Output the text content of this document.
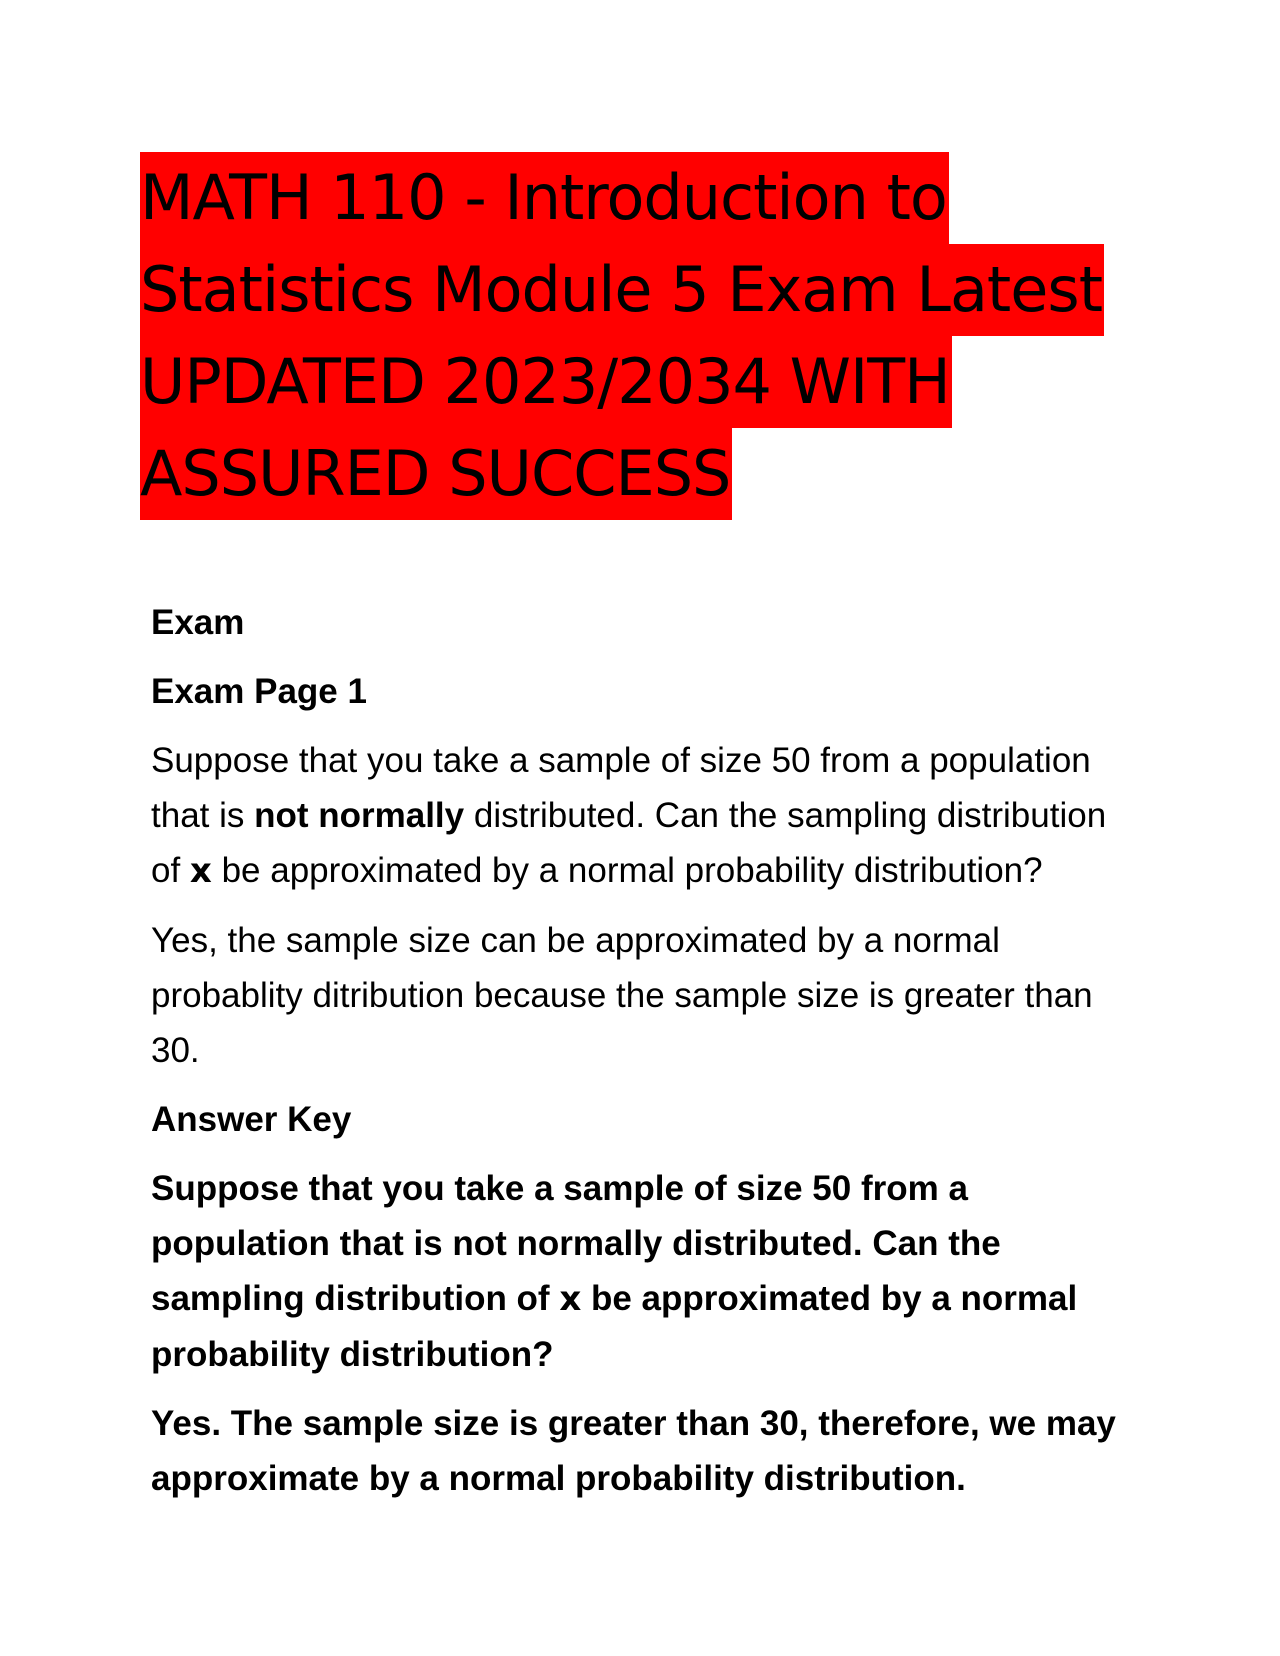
MATH 110 - Introduction to
Statistics Module 5 Exam Latest
UPDATED 2023/2034 WITH
ASSURED SUCCESS

Exam

Exam Page 1

Suppose that you take a sample of size 50 from a population that is not normally distributed. Can the sampling distribution of x be approximated by a normal probability distribution?

Yes, the sample size can be approximated by a normal probablity ditribution because the sample size is greater than 30.

Answer Key

Suppose that you take a sample of size 50 from a population that is not normally distributed. Can the sampling distribution of x be approximated by a normal probability distribution?

Yes. The sample size is greater than 30, therefore, we may approximate by a normal probability distribution.
